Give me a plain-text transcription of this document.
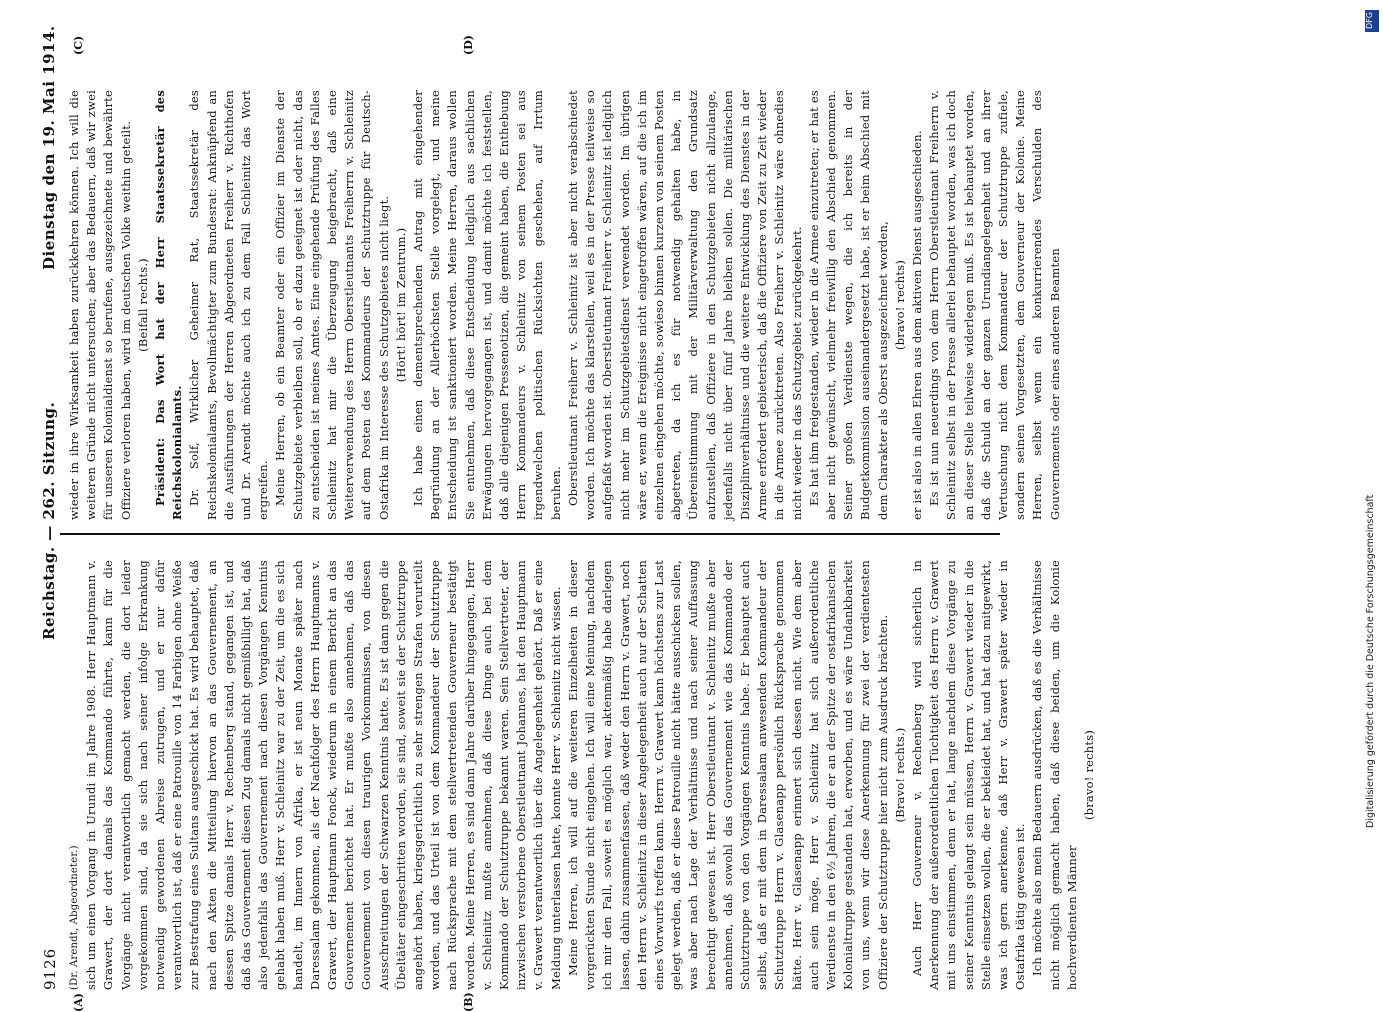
9126
Reichstag. — 262. Sitzung.
Dienstag den 19. Mai 1914.

(Dr. Arendt, Abgeordneter.) sich um einen Vorgang in Urundi im Jahre 1908. Herr Hauptmann v. Grawert, der dort damals das Kommando führte, kann für die Vorgänge nicht verantwortlich gemacht werden, die dort leider vorgekommen sind, da sie sich nach seiner infolge Erkrankung notwendig gewordenen Abreise zutrugen, und er nur dafür verantwortlich ist, daß er eine Patrouille von 14 Farbigen ohne Weiße zur Bestrafung eines Sultans ausgeschickt hat. Es wird behauptet, daß nach den Akten die Mitteilung hiervon an das Gouvernement, an dessen Spitze damals Herr v. Rechenberg stand, gegangen ist, und daß das Gouvernement diesen Zug damals nicht gemißbilligt hat, daß also jedenfalls das Gouvernement nach diesen Vorgängen Kenntnis gehabt haben muß. Herr v. Schleinitz war zu der Zeit, um die es sich handelt, im Innern von Afrika, er ist neun Monate später nach Daressalam gekommen, als der Nachfolger des Herrn Hauptmanns v. Grawert, der Hauptmann Fonck, wiederum in einem Bericht an das Gouvernement berichtet hat. Er mußte also annehmen, daß das Gouvernement von diesen traurigen Vorkommnissen, von diesen Ausschreitungen der Schwarzen Kenntnis hatte. Es ist dann gegen die Übeltäter eingeschritten worden, sie sind, soweit sie der Schutztruppe angehört haben, kriegsgerichtlich zu sehr strengen Strafen verurteilt worden, und das Urteil ist von dem Kommandeur der Schutztruppe nach Rücksprache mit dem stellvertretenden Gouverneur bestätigt worden. Meine Herren, es sind dann Jahre darüber hingegangen, Herr v. Schleinitz mußte annehmen, daß diese Dinge auch bei dem Kommando der Schutztruppe bekannt waren. Sein Stellvertreter, der inzwischen verstorbene Oberstleutnant Johannes, hat den Hauptmann v. Grawert verantwortlich über die Angelegenheit gehört. Daß er eine Meldung unterlassen hatte, konnte Herr v. Schleinitz nicht wissen. Meine Herren, ich will auf die weiteren Einzelheiten in dieser vorgerückten Stunde nicht eingehen. Ich will eine Meinung, nachdem ich mir den Fall, soweit es möglich war, aktenmäßig habe darlegen lassen, dahin zusammenfassen, daß weder den Herrn v. Grawert, noch den Herrn v. Schleinitz in dieser Angelegenheit auch nur der Schatten eines Vorwurfs treffen kann. Herrn v. Grawert kann höchstens zur Last gelegt werden, daß er diese Patrouille nicht hätte ausschicken sollen, was aber nach Lage der Verhältnisse und nach seiner Auffassung berechtigt gewesen ist. Herr Oberstleutnant v. Schleinitz mußte aber annehmen, daß sowohl das Gouvernement wie das Kommando der Schutztruppe von den Vorgängen Kenntnis habe. Er behauptet auch selbst, daß er mit dem in Daressalam anwesenden Kommandeur der Schutztruppe Herrn v. Glasenapp persönlich Rücksprache genommen hätte. Herr v. Glasenapp erinnert sich dessen nicht. Wie dem aber auch sein möge, Herr v. Schleinitz hat sich außerordentliche Verdienste in den 6½ Jahren, die er an der Spitze der ostafrikanischen Kolonialtruppe gestanden hat, erworben, und es wäre Undankbarkeit von uns, wenn wir diese Anerkennung für zwei der verdientesten Offiziere der Schutztruppe hier nicht zum Ausdruck brächten. (Bravo! rechts.) Auch Herr Gouverneur v. Rechenberg wird sicherlich in Anerkennung der außerordentlichen Tüchtigkeit des Herrn v. Grawert mit uns einstimmen, denn er hat, lange nachdem diese Vorgänge zu seiner Kenntnis gelangt sein müssen, Herrn v. Grawert wieder in die Stelle einsetzen wollen, die er bekleidet hat, und hat dazu mitgewirkt, was ich gern anerkenne, daß Herr v. Grawert später wieder in Ostafrika tätig gewesen ist. Ich möchte also mein Bedauern ausdrücken, daß es die Verhältnisse nicht möglich gemacht haben, daß diese beiden, um die Kolonie hochverdienten Männer

(bravo! rechts)

wieder in ihre Wirksamkeit haben zurückkehren können. Ich will die weiteren Gründe nicht untersuchen; aber das Bedauern, daß wir zwei für unseren Kolonialdienst so berufene, ausgezeichnete und bewährte Offiziere verloren haben, wird im deutschen Volke weithin geteilt. (Beifall rechts.) Präsident: Das Wort hat der Herr Staatssekretär des Reichskolonialamts. Dr. Solf, Wirklicher Geheimer Rat, Staatssekretär des Reichskolonialamts, Bevollmächtigter zum Bundesrat: Anknüpfend an die Ausführungen der Herren Abgeordneten Freiherr v. Richthofen und Dr. Arendt möchte auch ich zu dem Fall Schleinitz das Wort ergreifen. Meine Herren, ob ein Beamter oder ein Offizier im Dienste der Schutzgebiete verbleiben soll, ob er dazu geeignet ist oder nicht, das zu entscheiden ist meines Amtes. Eine eingehende Prüfung des Falles Schleinitz hat mir die Überzeugung beigebracht, daß eine Weiterverwendung des Herrn Oberstleutnants Freiherrn v. Schleinitz auf dem Posten des Kommandeurs der Schutztruppe für Deutsch-Ostafrika im Interesse des Schutzgebietes nicht liegt. (Hört! hört! im Zentrum.) Ich habe einen dementsprechenden Antrag mit eingehender Begründung an der Allerhöchsten Stelle vorgelegt, und meine Entscheidung ist sanktioniert worden. Meine Herren, daraus wollen Sie entnehmen, daß diese Entscheidung lediglich aus sachlichen Erwägungen hervorgegangen ist, und damit möchte ich feststellen, daß alle diejenigen Pressenotizen, die gemeint haben, die Enthebung Herrn Kommandeurs v. Schleinitz von seinem Posten sei aus irgendwelchen politischen Rücksichten geschehen, auf Irrtum beruhen. Oberstleutnant Freiherr v. Schleinitz ist aber nicht verabschiedet worden. Ich möchte das klarstellen, weil es in der Presse teilweise so aufgefaßt worden ist. Oberstleutnant Freiherr v. Schleinitz ist lediglich nicht mehr im Schutzgebietsdienst verwendet worden. Im übrigen wäre er, wenn die Ereignisse nicht eingetroffen wären, auf die ich im einzelnen eingehen möchte, sowieso binnen kurzem von seinem Posten abgetreten, da ich es für notwendig gehalten habe, in Übereinstimmung mit der Militärverwaltung den Grundsatz aufzustellen, daß Offiziere in den Schutzgebieten nicht allzulange, jedenfalls nicht über fünf Jahre bleiben sollen. Die militärischen Disziplinverhältnisse und die weitere Entwicklung des Dienstes in der Armee erfordert gebieterisch, daß die Offiziere von Zeit zu Zeit wieder in die Armee zurücktreten. Also Freiherr v. Schleinitz wäre ohnedies nicht wieder in das Schutzgebiet zurückgekehrt. Es hat ihm freigestanden, wieder in die Armee einzutreten; er hat es aber nicht gewünscht, vielmehr freiwillig den Abschied genommen. Seiner großen Verdienste wegen, die ich bereits in der Budgetkommission auseinandergesetzt habe, ist er beim Abschied mit dem Charakter als Oberst ausgezeichnet worden, (bravo! rechts) er ist also in allen Ehren aus dem aktiven Dienst ausgeschieden. Es ist nun neuerdings von dem Herrn Oberstleutnant Freiherrn v. Schleinitz selbst in der Presse allerlei behauptet worden, was ich doch an dieser Stelle teilweise widerlegen muß. Es ist behauptet worden, daß die Schuld an der ganzen Urundiangelegenheit und an ihrer Vertuschung nicht dem Kommandeur der Schutztruppe zufiele, sondern seinen Vorgesetzten, dem Gouverneur der Kolonie. Meine Herren, selbst wenn ein konkurrierendes Verschulden des Gouvernements oder eines anderen Beamten

(A)	(B)
(C)	(D)
DFG
Digitalisierung gefördert durch die Deutsche Forschungsgemeinschaft
